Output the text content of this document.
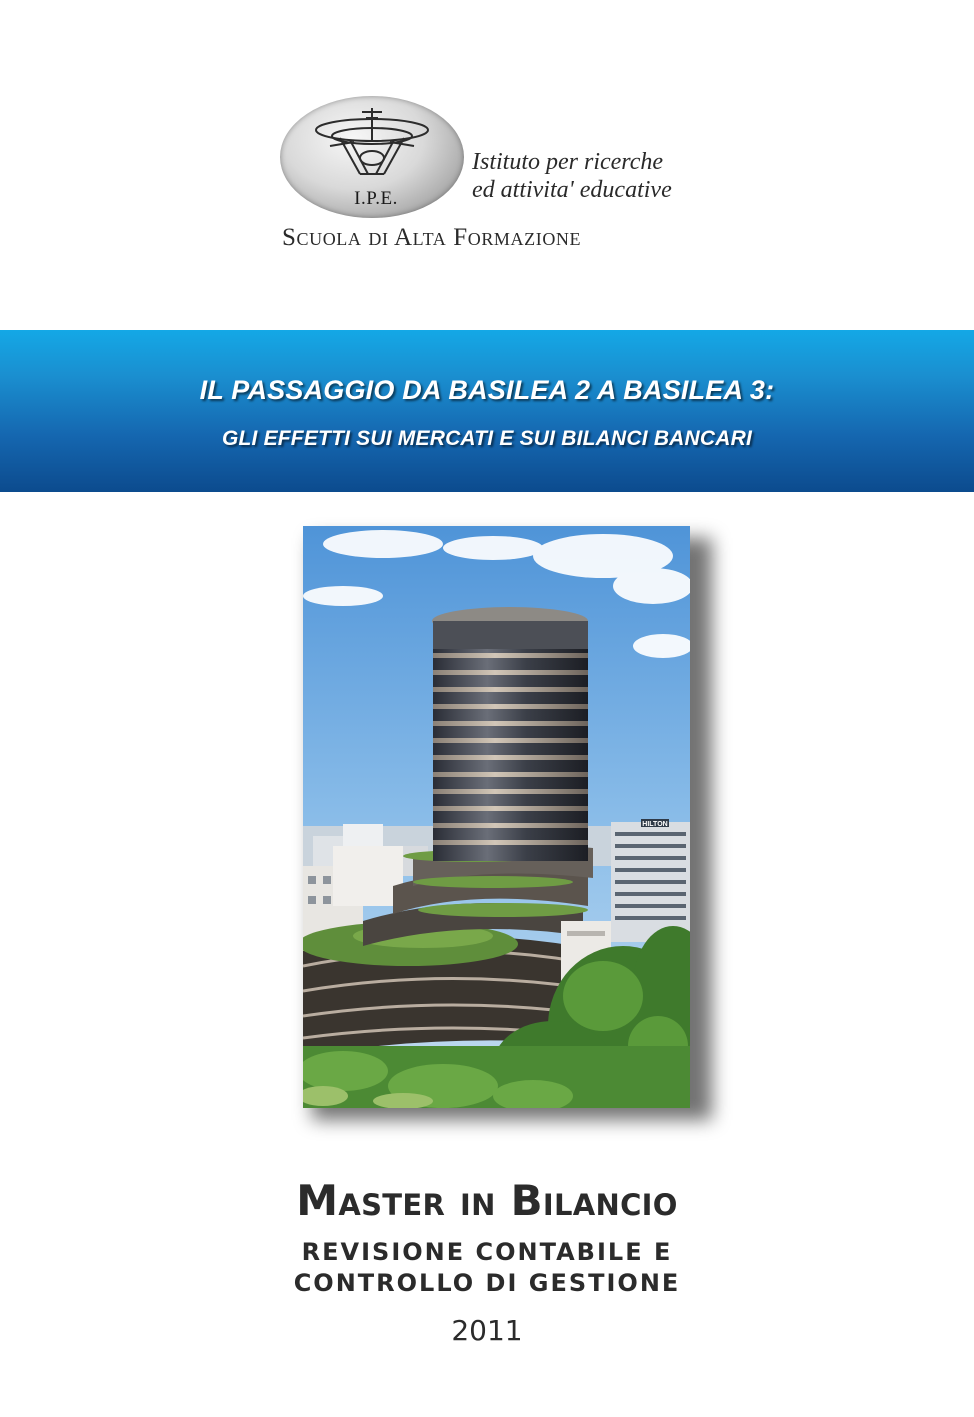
I.P.E.
Istituto per ricerche
ed attivita' educative
Scuola di Alta Formazione
IL PASSAGGIO DA BASILEA 2 A BASILEA 3:
GLI EFFETTI SUI MERCATI E SUI BILANCI BANCARI
HILTON
Master in Bilancio
REVISIONE CONTABILE E
CONTROLLO DI GESTIONE
2011
